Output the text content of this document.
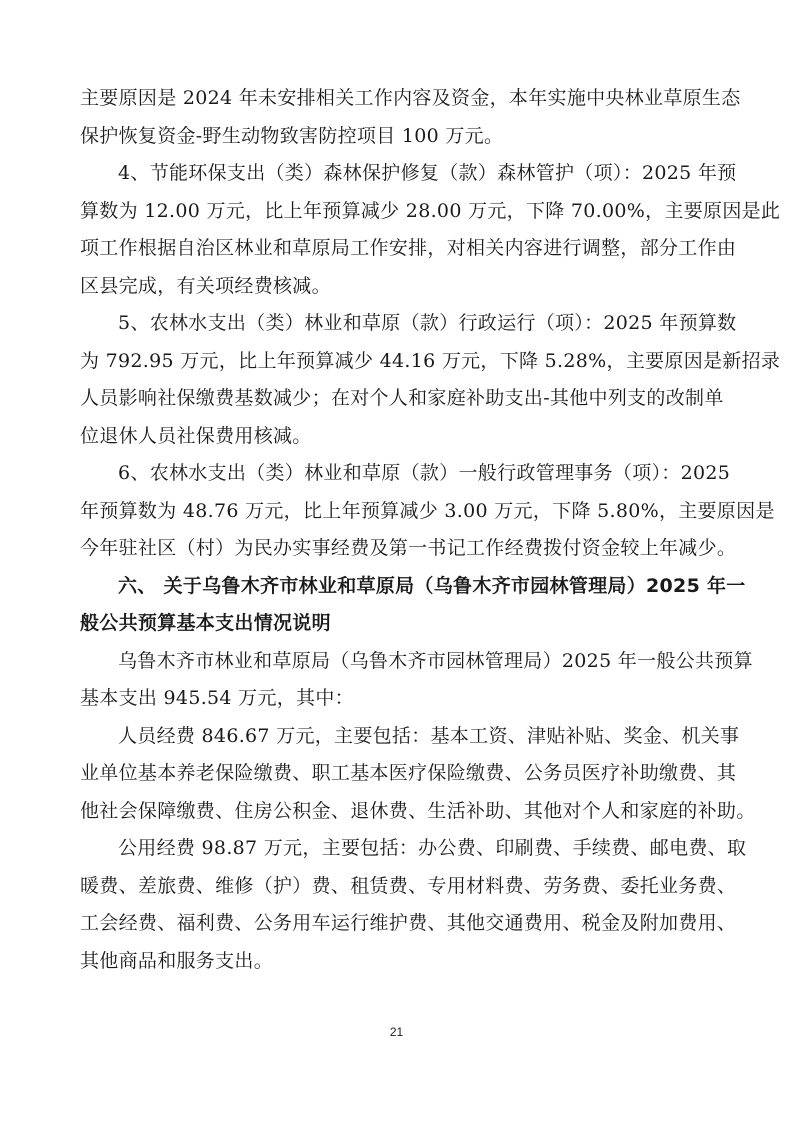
主要原因是 2024 年未安排相关工作内容及资金，本年实施中央林业草原生态
保护恢复资金-野生动物致害防控项目 100 万元。
4、节能环保支出（类）森林保护修复（款）森林管护（项）：2025 年预
算数为 12.00 万元，比上年预算减少 28.00 万元，下降 70.00%，主要原因是此
项工作根据自治区林业和草原局工作安排，对相关内容进行调整，部分工作由
区县完成，有关项经费核减。
5、农林水支出（类）林业和草原（款）行政运行（项）：2025 年预算数
为 792.95 万元，比上年预算减少 44.16 万元，下降 5.28%，主要原因是新招录
人员影响社保缴费基数减少；在对个人和家庭补助支出-其他中列支的改制单
位退休人员社保费用核减。
6、农林水支出（类）林业和草原（款）一般行政管理事务（项）：2025
年预算数为 48.76 万元，比上年预算减少 3.00 万元，下降 5.80%，主要原因是
今年驻社区（村）为民办实事经费及第一书记工作经费拨付资金较上年减少。
六、 关于乌鲁木齐市林业和草原局（乌鲁木齐市园林管理局）2025 年一
般公共预算基本支出情况说明
乌鲁木齐市林业和草原局（乌鲁木齐市园林管理局）2025 年一般公共预算
基本支出 945.54 万元，其中：
人员经费 846.67 万元，主要包括：基本工资、津贴补贴、奖金、机关事
业单位基本养老保险缴费、职工基本医疗保险缴费、公务员医疗补助缴费、其
他社会保障缴费、住房公积金、退休费、生活补助、其他对个人和家庭的补助。
公用经费 98.87 万元，主要包括：办公费、印刷费、手续费、邮电费、取
暖费、差旅费、维修（护）费、租赁费、专用材料费、劳务费、委托业务费、
工会经费、福利费、公务用车运行维护费、其他交通费用、税金及附加费用、
其他商品和服务支出。
21
